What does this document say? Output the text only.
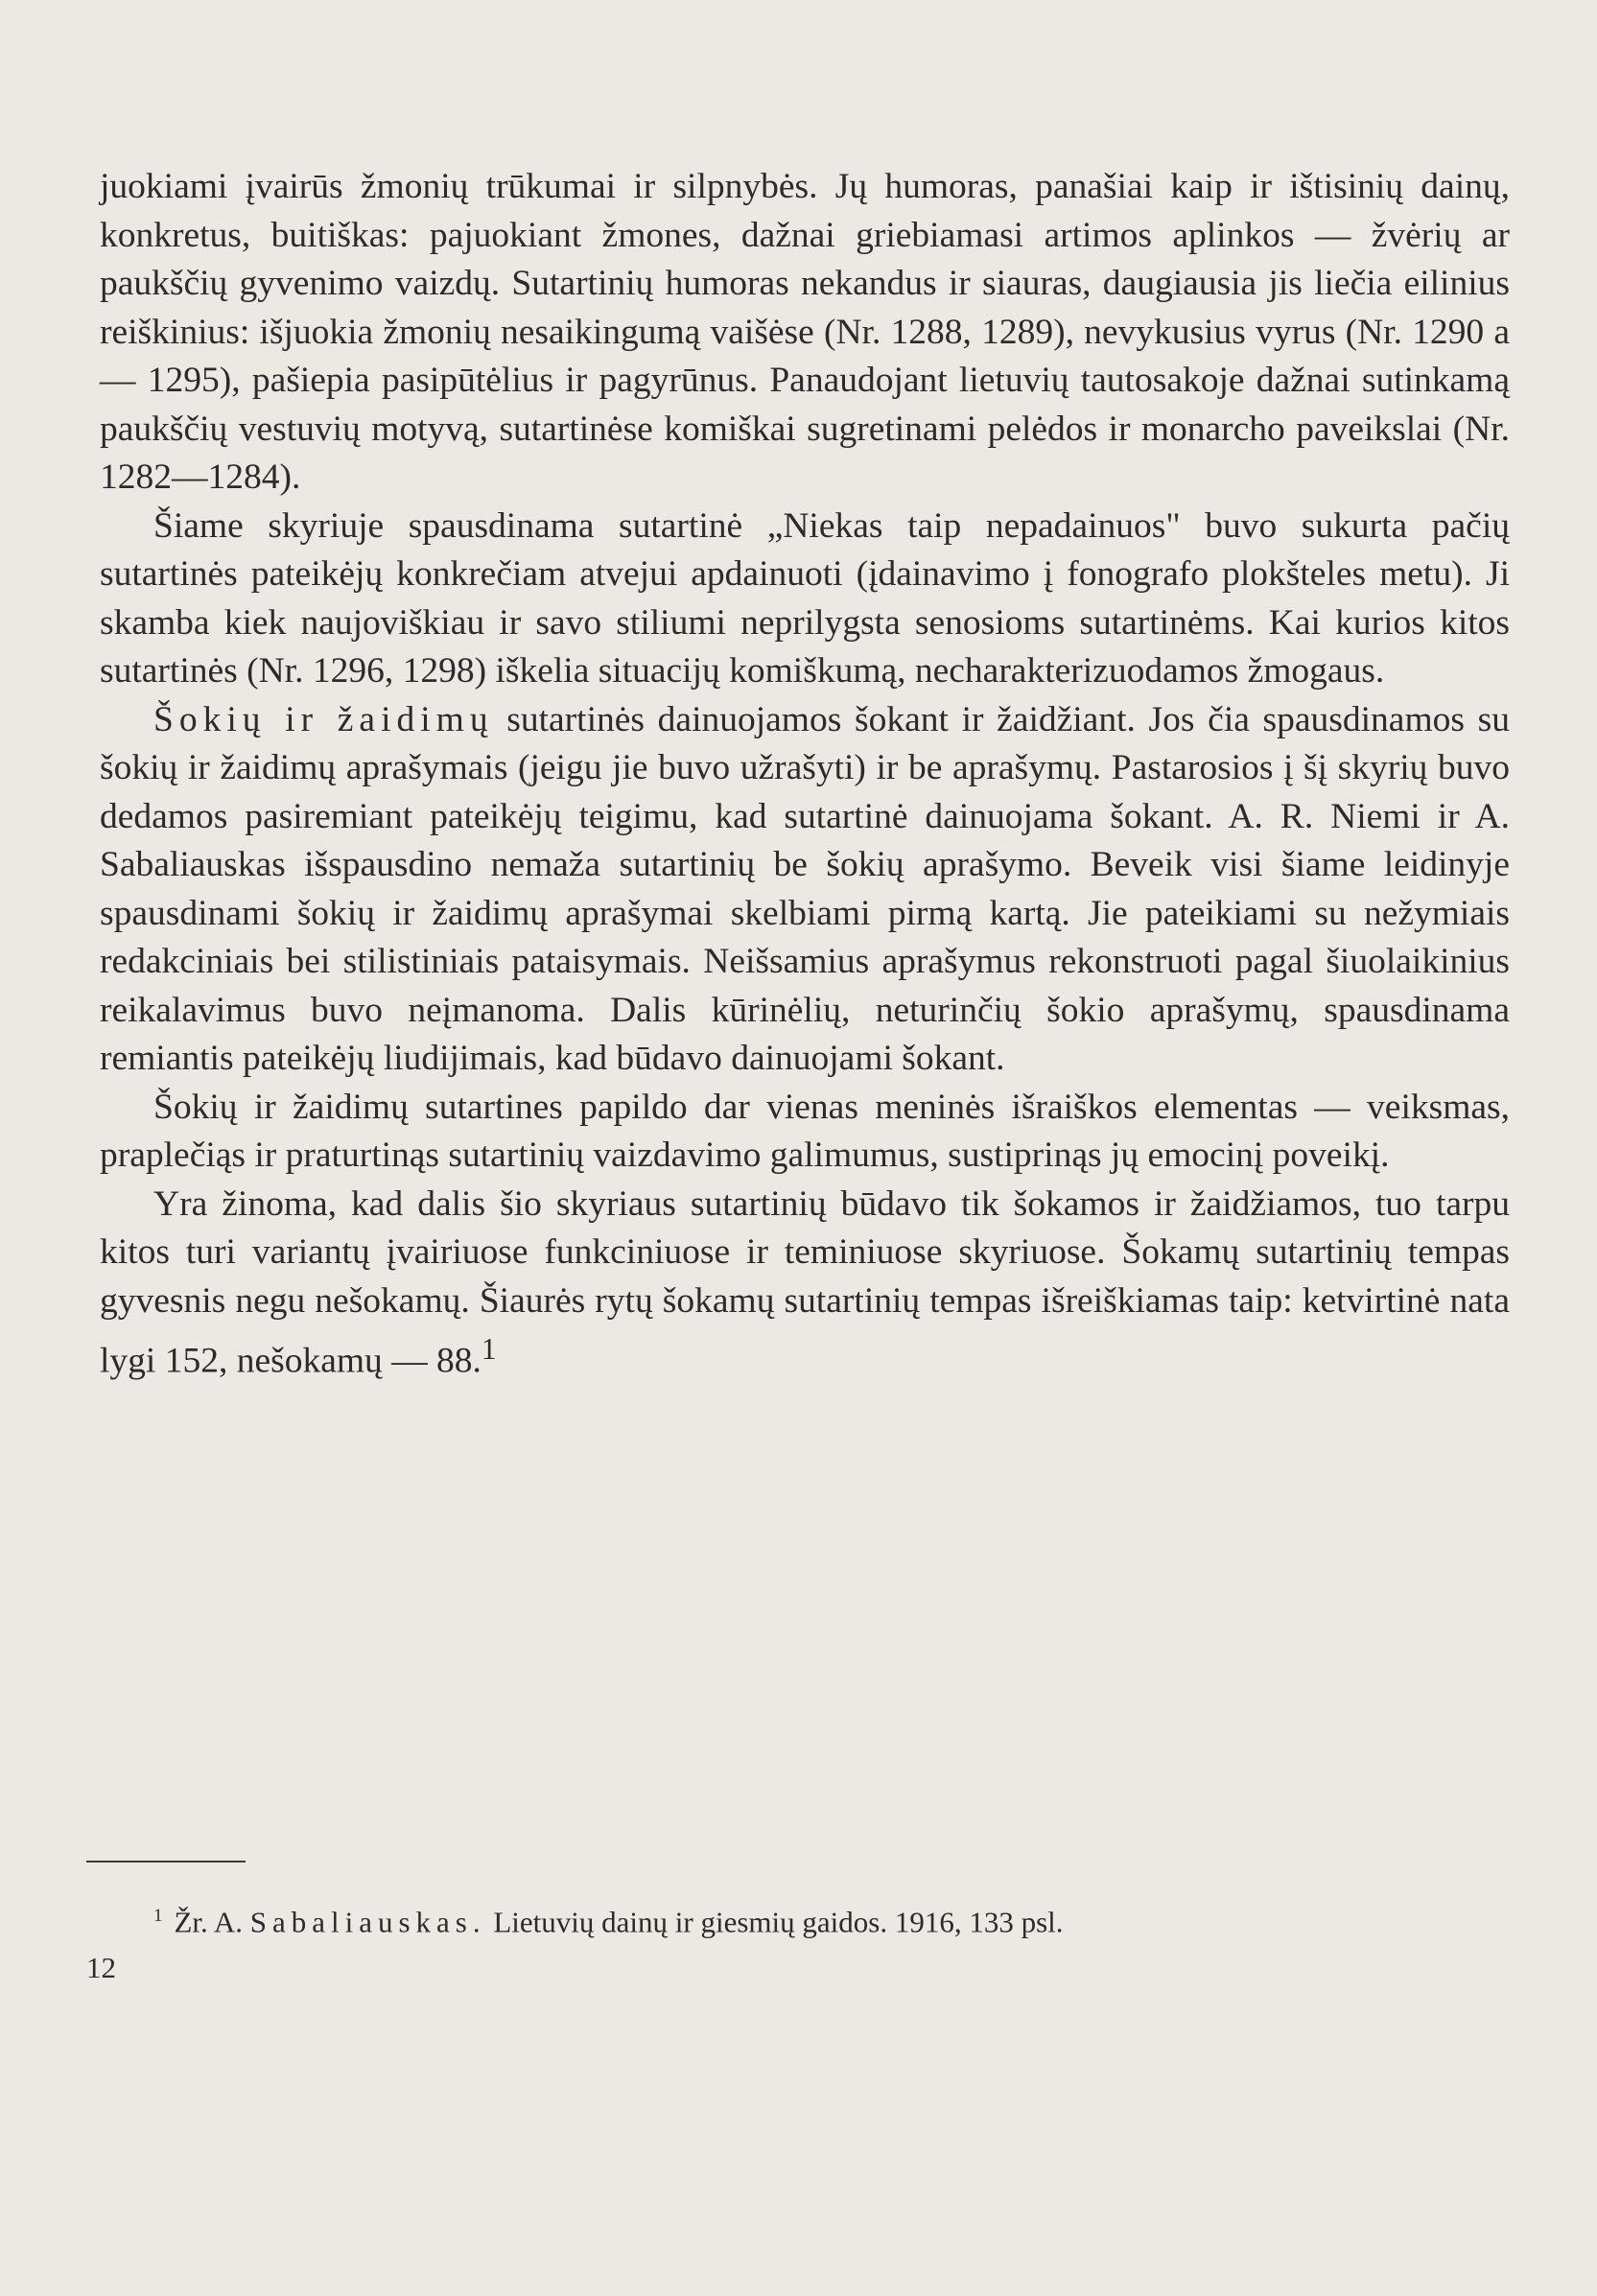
juokiami įvairūs žmonių trūkumai ir silpnybės. Jų humoras, panašiai kaip ir ištisinių dainų, konkretus, buitiškas: pajuokiant žmones, dažnai griebiamasi artimos aplinkos — žvėrių ar paukščių gyvenimo vaizdų. Sutartinių humoras nekandus ir siauras, daugiausia jis liečia eilinius reiškinius: išjuokia žmonių nesaikingumą vaišėse (Nr. 1288, 1289), nevykusius vyrus (Nr. 1290 a — 1295), pašiepia pasipūtėlius ir pagyrūnus. Panaudojant lietuvių tautosakoje dažnai sutinkamą paukščių vestuvių motyvą, sutartinėse komiškai sugretinami pelėdos ir monarcho paveikslai (Nr. 1282—1284).

Šiame skyriuje spausdinama sutartinė „Niekas taip nepadainuos" buvo sukurta pačių sutartinės pateikėjų konkrečiam atvejui apdainuoti (įdainavimo į fonografo plokšteles metu). Ji skamba kiek naujoviškiau ir savo stiliumi neprilygsta senosioms sutartinėms. Kai kurios kitos sutartinės (Nr. 1296, 1298) iškelia situacijų komiškumą, necharakterizuodamos žmogaus.

Šokių ir žaidimų sutartinės dainuojamos šokant ir žaidžiant. Jos čia spausdinamos su šokių ir žaidimų aprašymais (jeigu jie buvo užrašyti) ir be aprašymų. Pastarosios į šį skyrių buvo dedamos pasiremiant pateikėjų teigimu, kad sutartinė dainuojama šokant. A. R. Niemi ir A. Sabaliauskas išspausdino nemaža sutartinių be šokių aprašymo. Beveik visi šiame leidinyje spausdinami šokių ir žaidimų aprašymai skelbiami pirmą kartą. Jie pateikiami su nežymiais redakciniais bei stilistiniais pataisymais. Neišsamius aprašymus rekonstruoti pagal šiuolaikinius reikalavimus buvo neįmanoma. Dalis kūrinėlių, neturinčių šokio aprašymų, spausdinama remiantis pateikėjų liudijimais, kad būdavo dainuojami šokant.

Šokių ir žaidimų sutartines papildo dar vienas meninės išraiškos elementas — veiksmas, praplečiąs ir praturtinąs sutartinių vaizdavimo galimumus, sustiprinąs jų emocinį poveikį.

Yra žinoma, kad dalis šio skyriaus sutartinių būdavo tik šokamos ir žaidžiamos, tuo tarpu kitos turi variantų įvairiuose funkciniuose ir teminiuose skyriuose. Šokamų sutartinių tempas gyvesnis negu nešokamų. Šiaurės rytų šokamų sutartinių tempas išreiškiamas taip: ketvirtinė nata lygi 152, nešokamų — 88.$^1$

$^1$ Žr. A. Sabaliauskas. Lietuvių dainų ir giesmių gaidos. 1916, 133 psl.
12
